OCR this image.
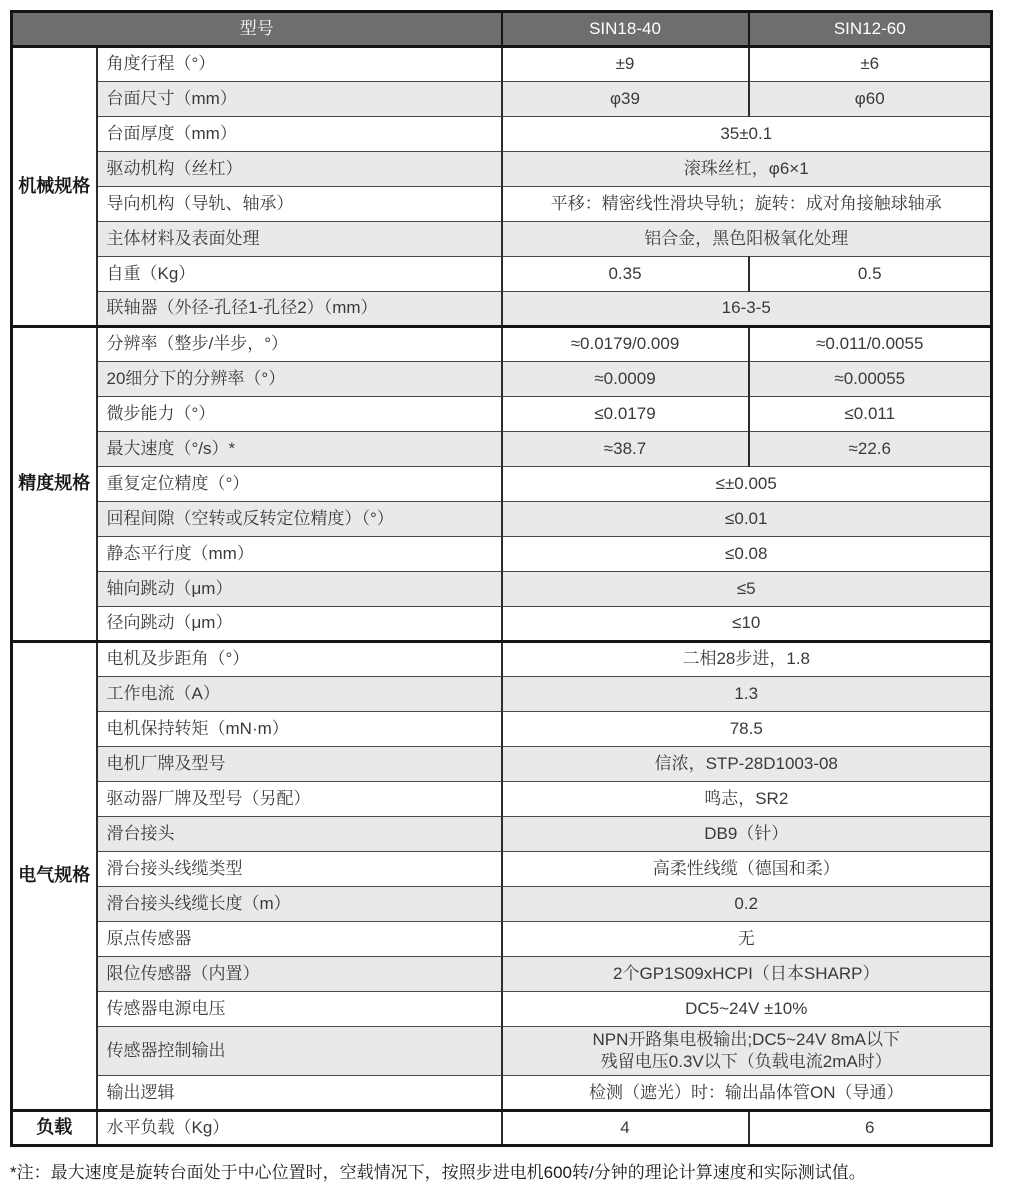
型号		SIN18-40	SIN12-60
机械规格	角度行程（°）	±9	±6
	台面尺寸（mm）	φ39	φ60
	台面厚度（mm）	35±0.1	
	驱动机构（丝杠）	滚珠丝杠，φ6×1	
	导向机构（导轨、轴承）	平移：精密线性滑块导轨；旋转：成对角接触球轴承	
	主体材料及表面处理	铝合金，黑色阳极氧化处理	
	自重（Kg）	0.35	0.5
	联轴器（外径-孔径1-孔径2）（mm）	16-3-5	
精度规格	分辨率（整步/半步，°）	≈0.0179/0.009	≈0.011/0.0055
	20细分下的分辨率（°）	≈0.0009	≈0.00055
	微步能力（°）	≤0.0179	≤0.011
	最大速度（°/s）*	≈38.7	≈22.6
	重复定位精度（°）	≤±0.005	
	回程间隙（空转或反转定位精度）（°）	≤0.01	
	静态平行度（mm）	≤0.08	
	轴向跳动（μm）	≤5	
	径向跳动（μm）	≤10	
电气规格	电机及步距角（°）	二相28步进，1.8	
	工作电流（A）	1.3	
	电机保持转矩（mN·m）	78.5	
	电机厂牌及型号	信浓，STP-28D1003-08	
	驱动器厂牌及型号（另配）	鸣志，SR2	
	滑台接头	DB9（针）	
	滑台接头线缆类型	高柔性线缆（德国和柔）	
	滑台接头线缆长度（m）	0.2	
	原点传感器	无	
	限位传感器（内置）	2个GP1S09xHCPI（日本SHARP）	
	传感器电源电压	DC5~24V ±10%	
	传感器控制输出	NPN开路集电极输出;DC5~24V 8mA以下
残留电压0.3V以下（负载电流2mA时）	
	输出逻辑	检测（遮光）时：输出晶体管ON（导通）	
负载	水平负载（Kg）	4	6
*注：最大速度是旋转台面处于中心位置时，空载情况下，按照步进电机600转/分钟的理论计算速度和实际测试值。
